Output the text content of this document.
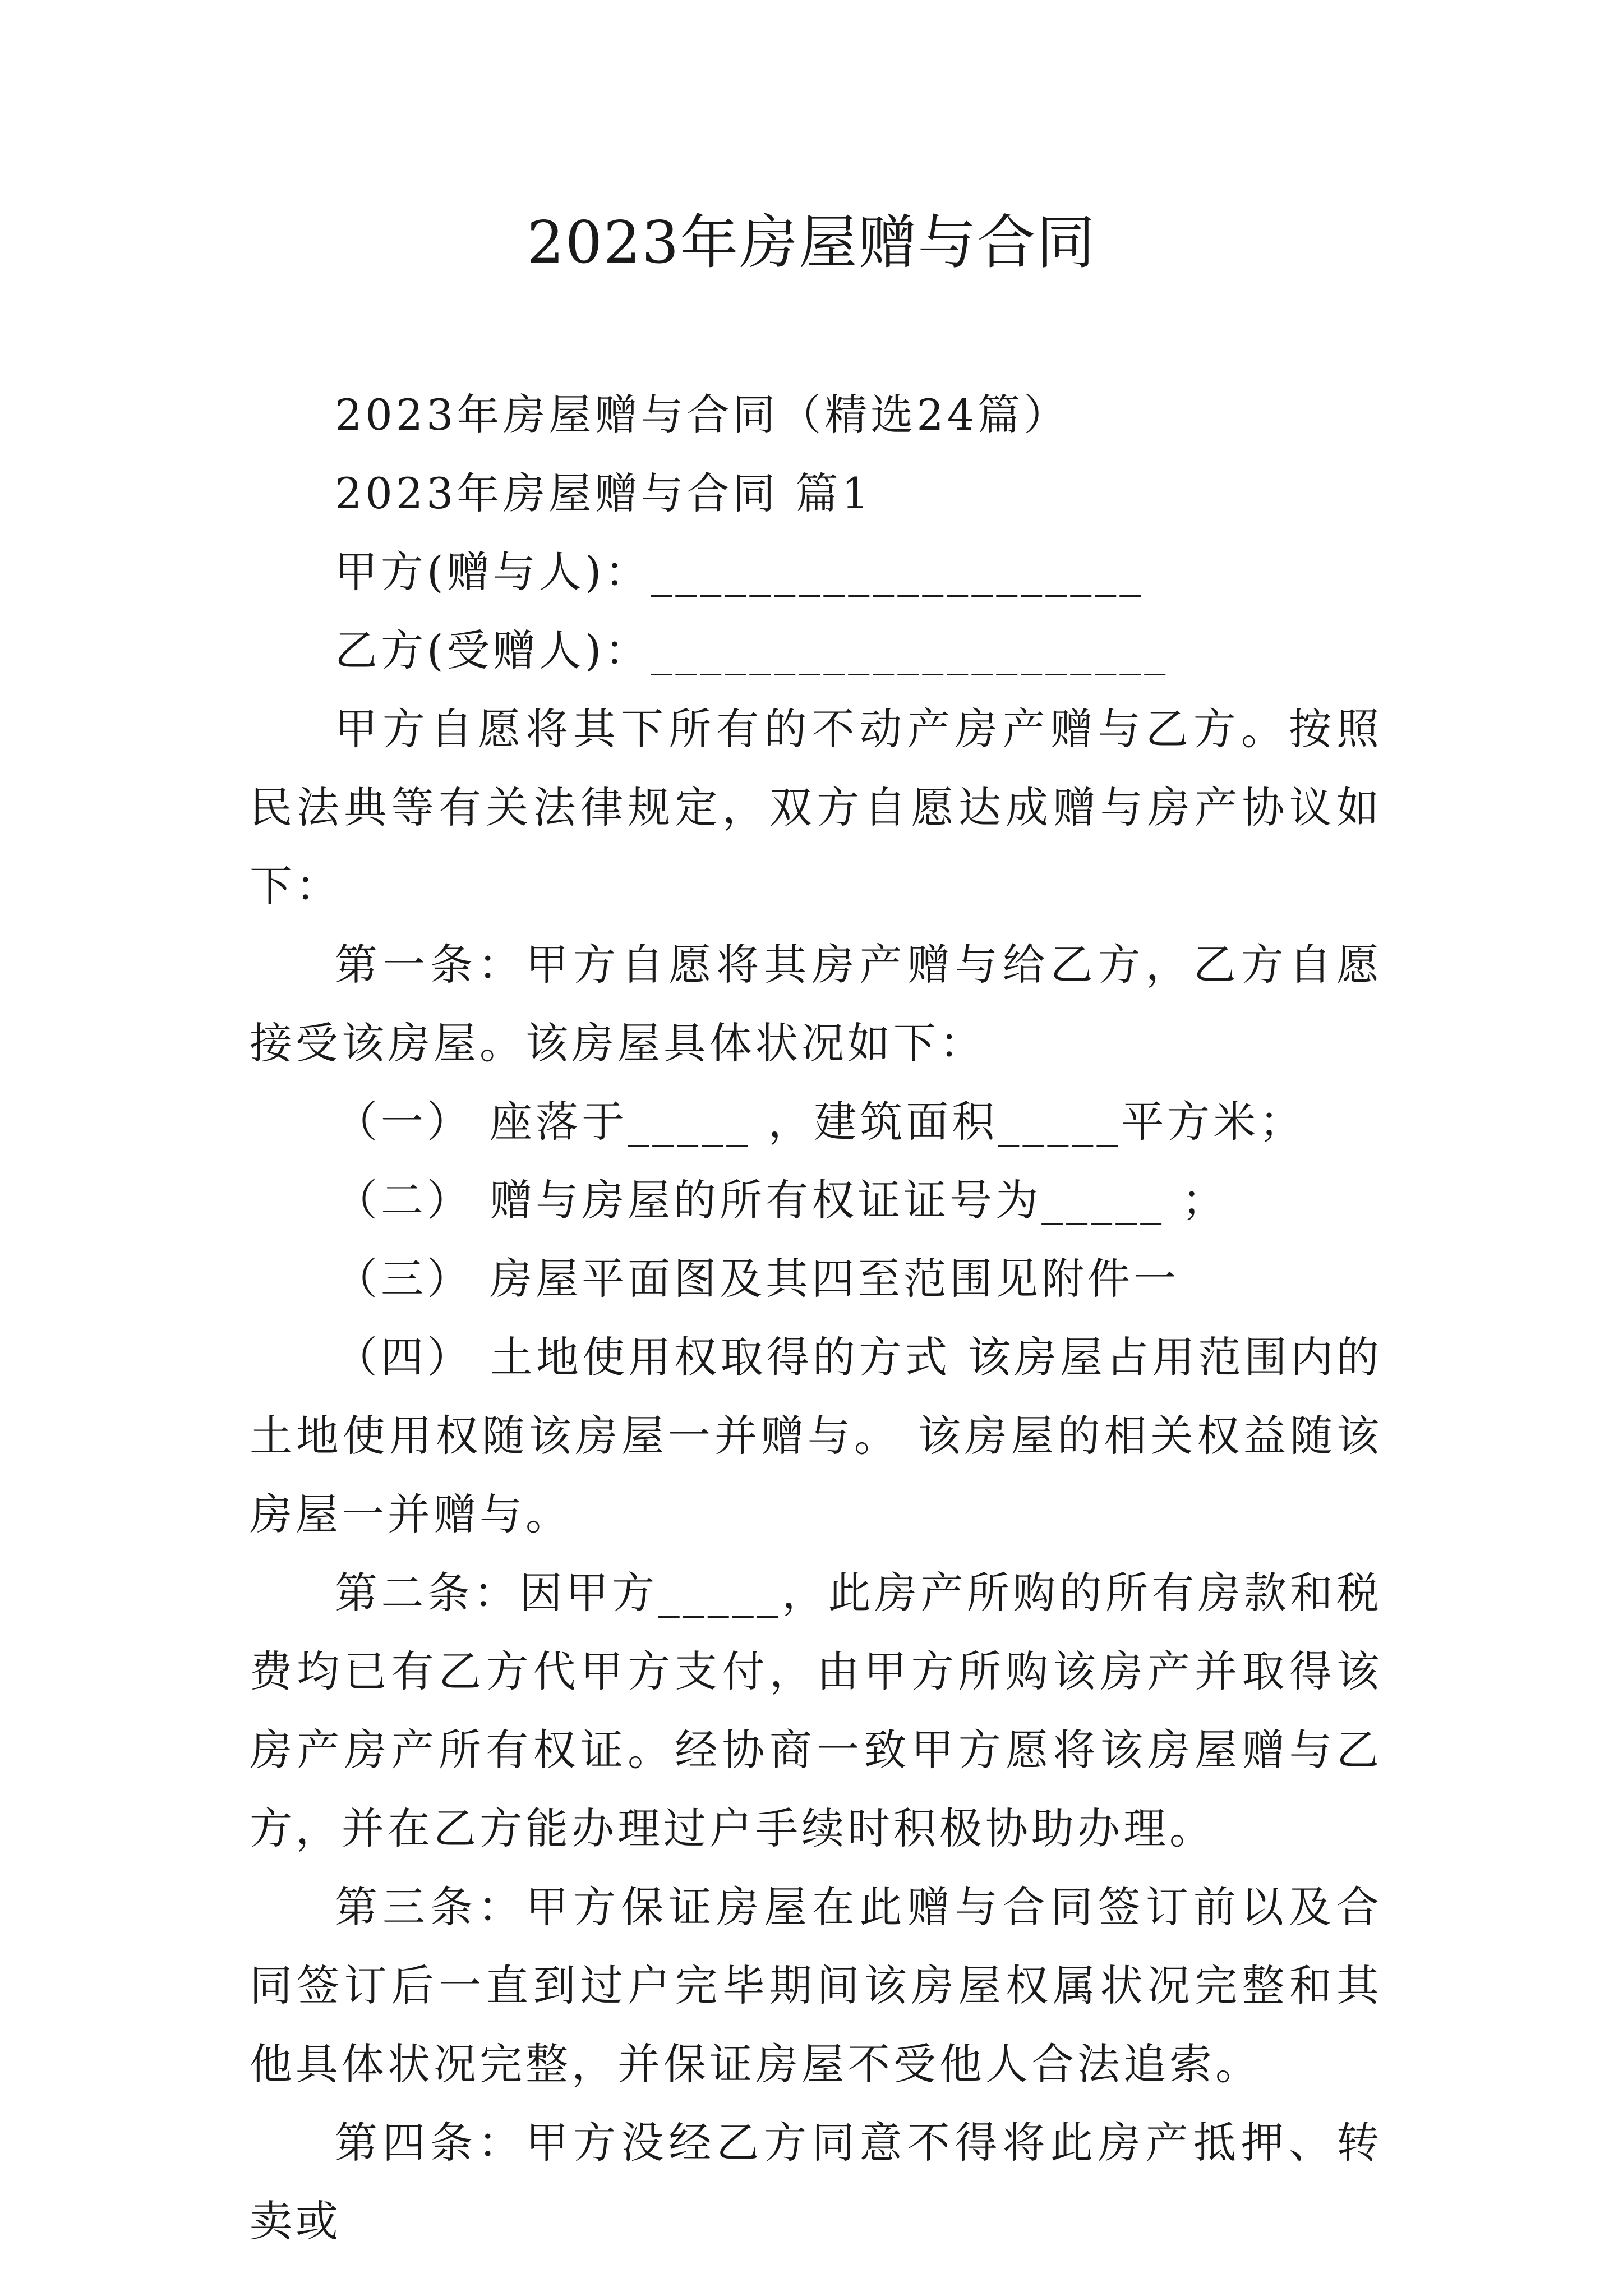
2023年房屋赠与合同

2023年房屋赠与合同（精选24篇）

2023年房屋赠与合同 篇1

甲方(赠与人)：____________________

乙方(受赠人)：_____________________

甲方自愿将其下所有的不动产房产赠与乙方。按照民法典等有关法律规定，双方自愿达成赠与房产协议如下：

第一条：甲方自愿将其房产赠与给乙方，乙方自愿接受该房屋。该房屋具体状况如下：

（一） 座落于_____ ，建筑面积_____平方米；

（二） 赠与房屋的所有权证证号为_____ ；

（三） 房屋平面图及其四至范围见附件一

（四） 土地使用权取得的方式 该房屋占用范围内的土地使用权随该房屋一并赠与。 该房屋的相关权益随该房屋一并赠与。

第二条：因甲方_____，此房产所购的所有房款和税费均已有乙方代甲方支付，由甲方所购该房产并取得该房产房产所有权证。经协商一致甲方愿将该房屋赠与乙方，并在乙方能办理过户手续时积极协助办理。

第三条：甲方保证房屋在此赠与合同签订前以及合同签订后一直到过户完毕期间该房屋权属状况完整和其他具体状况完整，并保证房屋不受他人合法追索。

第四条：甲方没经乙方同意不得将此房产抵押、转卖或
